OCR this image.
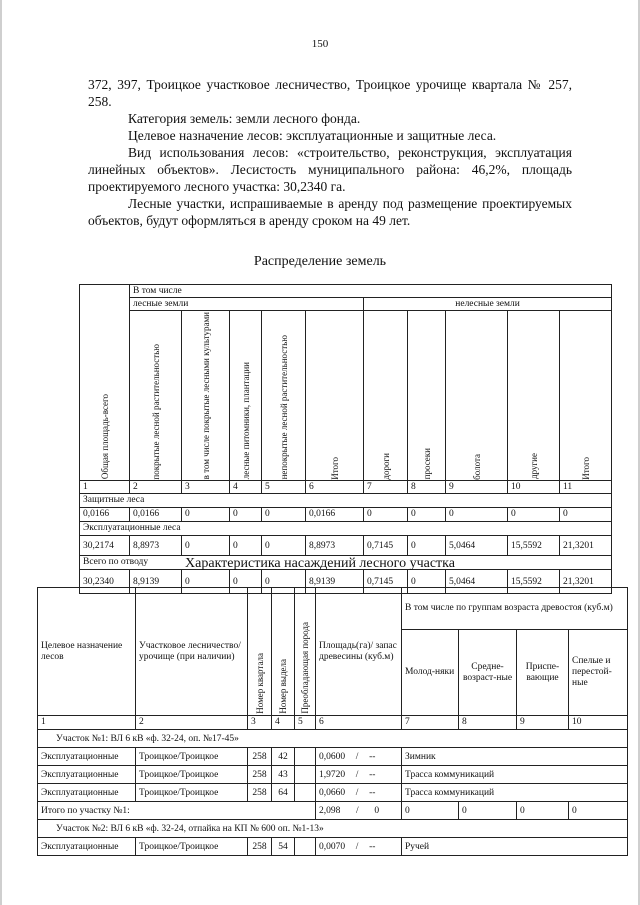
150

372, 397, Троицкое участковое лесничество, Троицкое урочище квартала № 257, 258.

Категория земель: земли лесного фонда.

Целевое назначение лесов: эксплуатационные и защитные леса.

Вид использования лесов: «строительство, реконструкция, эксплуатация линейных объектов». Лесистость муниципального района: 46,2%, площадь проектируемого лесного участка: 30,2340 га.

Лесные участки, испрашиваемые в аренду под размещение проектируемых объектов, будут оформляться в аренду сроком на 49 лет.

Распределение земель
Общая площадь-всего	В том числе									
	лесные земли					нелесные земли				

	покрытые лесной растительностью	в том числе покрытые лесными культурами	лесные питомники, плантации	непокрытые лесной растительностью	Итого	дороги	просеки	болота	другие	Итого

1	2	3	4	5	6	7	8	9	10	11
Защитные леса										
0,0166	0,0166	0	0	0	0,0166	0	0	0	0	0
Эксплуатационные леса										
30,2174	8,8973	0	0	0	8,8973	0,7145	0	5,0464	15,5592	21,3201
Всего по отводу										
30,2340	8,9139	0	0	0	8,9139	0,7145	0	5,0464	15,5592	21,3201
Характеристика насаждений лесного участка
Целевое назначение лесов	Участковое лесничество/ урочище (при наличии)	Номер квартала	Номер выдела	Преобладающая порода	Площадь(га)/ запас древесины (куб.м)	В том числе по группам возраста древостоя (куб.м)			
						Молод-няки	Средне-возраст-ные	Приспе-вающие	Спелые и перестой-ные
1	2	3	4	5	6	7	8	9	10
Участок №1: ВЛ 6 кВ «ф. 32-24, оп. №17-45»									
Эксплуатационные	Троицкое/Троицкое	258	42		0,0600 / --	Зимник			
Эксплуатационные	Троицкое/Троицкое	258	43		1,9720 / --	Трасса коммуникаций			
Эксплуатационные	Троицкое/Троицкое	258	64		0,0660 / --	Трасса коммуникаций			
Итого по участку №1:					2,098 / 0	0	0	0	0
Участок №2: ВЛ 6 кВ «ф. 32-24, отпайка на КП № 600 оп. №1-13»									
Эксплуатационные	Троицкое/Троицкое	258	54		0,0070 / --	Ручей			
